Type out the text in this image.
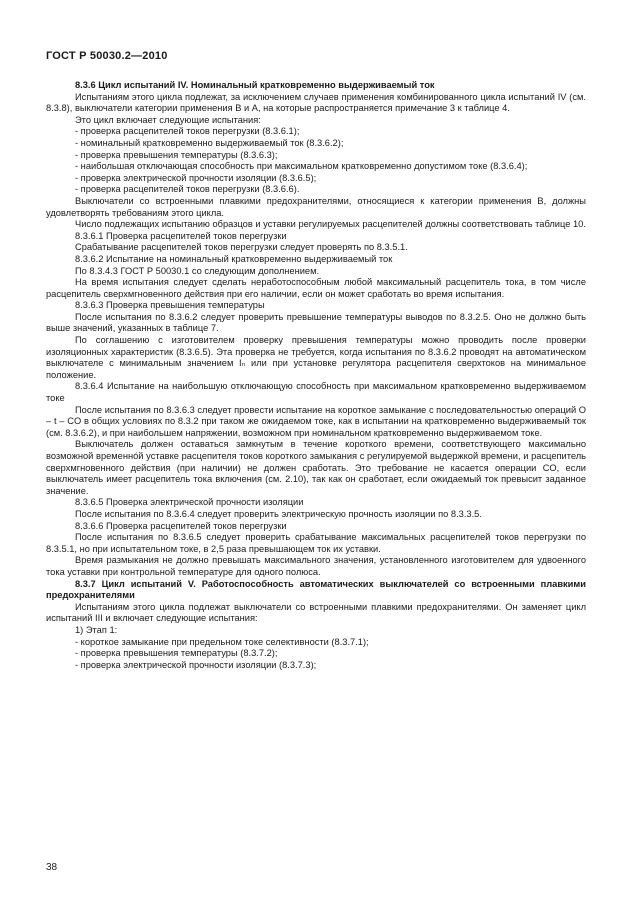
ГОСТ Р 50030.2—2010

8.3.6 Цикл испытаний IV. Номинальный кратковременно выдерживаемый ток

Испытаниям этого цикла подлежат, за исключением случаев применения комбинированного цикла испытаний IV (см. 8.3.8), выключатели категории применения B и A, на которые распространяется примечание 3 к таблице 4.

Это цикл включает следующие испытания:

- проверка расцепителей токов перегрузки (8.3.6.1);

- номинальный кратковременно выдерживаемый ток (8.3.6.2);

- проверка превышения температуры (8.3.6.3);

- наибольшая отключающая способность при максимальном кратковременно допустимом токе (8.3.6.4);

- проверка электрической прочности изоляции (8.3.6.5);

- проверка расцепителей токов перегрузки (8.3.6.6).

Выключатели со встроенными плавкими предохранителями, относящиеся к категории применения B, должны удовлетворять требованиям этого цикла.

Число подлежащих испытанию образцов и уставки регулируемых расцепителей должны соответствовать таблице 10.

8.3.6.1 Проверка расцепителей токов перегрузки

Срабатывание расцепителей токов перегрузки следует проверять по 8.3.5.1.

8.3.6.2 Испытание на номинальный кратковременно выдерживаемый ток

По 8.3.4.3 ГОСТ Р 50030.1 со следующим дополнением.

На время испытания следует сделать неработоспособным любой максимальный расцепитель тока, в том числе расцепитель сверхмгновенного действия при его наличии, если он может сработать во время испытания.

8.3.6.3 Проверка превышения температуры

После испытания по 8.3.6.2 следует проверить превышение температуры выводов по 8.3.2.5. Оно не должно быть выше значений, указанных в таблице 7.

По соглашению с изготовителем проверку превышения температуры можно проводить после проверки изоляционных характеристик (8.3.6.5). Эта проверка не требуется, когда испытания по 8.3.6.2 проводят на автоматическом выключателе с минимальным значением Iₙ или при установке регулятора расцепителя сверхтоков на минимальное положение.

8.3.6.4 Испытание на наибольшую отключающую способность при максимальном кратковременно выдерживаемом токе

После испытания по 8.3.6.3 следует провести испытание на короткое замыкание с последовательностью операций O – t – CO в общих условиях по 8.3.2 при таком же ожидаемом токе, как в испытании на кратковременно выдерживаемый ток (см. 8.3.6.2), и при наибольшем напряжении, возможном при номинальном кратковременно выдерживаемом токе.

Выключатель должен оставаться замкнутым в течение короткого времени, соответствующего максимально возможной временнóй уставке расцепителя токов короткого замыкания с регулируемой выдержкой времени, и расцепитель сверхмгновенного действия (при наличии) не должен сработать. Это требование не касается операции CO, если выключатель имеет расцепитель тока включения (см. 2.10), так как он сработает, если ожидаемый ток превысит заданное значение.

8.3.6.5 Проверка электрической прочности изоляции

После испытания по 8.3.6.4 следует проверить электрическую прочность изоляции по 8.3.3.5.

8.3.6.6 Проверка расцепителей токов перегрузки

После испытания по 8.3.6.5 следует проверить срабатывание максимальных расцепителей токов перегрузки по 8.3.5.1, но при испытательном токе, в 2,5 раза превышающем ток их уставки.

Время размыкания не должно превышать максимального значения, установленного изготовителем для удвоенного тока уставки при контрольной температуре для одного полюса.

8.3.7 Цикл испытаний V. Работоспособность автоматических выключателей со встроенными плавкими предохранителями

Испытаниям этого цикла подлежат выключатели со встроенными плавкими предохранителями. Он заменяет цикл испытаний III и включает следующие испытания:

1) Этап 1:

- короткое замыкание при предельном токе селективности (8.3.7.1);

- проверка превышения температуры (8.3.7.2);

- проверка электрической прочности изоляции (8.3.7.3);

38
